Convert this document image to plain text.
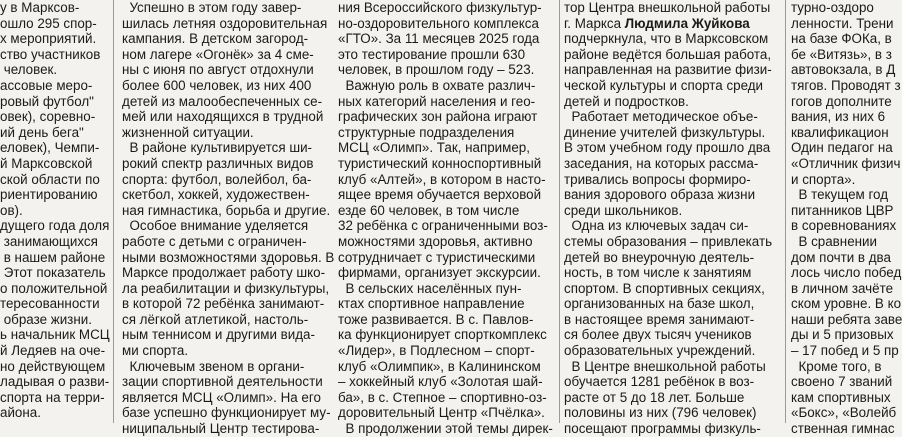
у в Марксов-
ошло 295 спор-
х мероприятий.
ство участников
человек.
ассовые меро-
ровый футбол"
овек), соревно-
ий день бега"
еловек), Чемпи-
й Марксовской
ской области по
риентированию
ов).
дущего года доля
занимающихся
в нашем районе
Этот показатель
о положительной
тересованности
образе жизни.
ь начальник МСЦ
й Ледяев на оче-
но действующем
ладывая о разви-
спорта на терри-
айона.
Успешно в этом году завер-
шилась летняя оздоровительная
кампания. В детском загород-
ном лагере «Огонёк» за 4 сме-
ны с июня по август отдохнули
более 600 человек, из них 400
детей из малообеспеченных се-
мей или находящихся в трудной
жизненной ситуации.
В районе культивируется ши-
рокий спектр различных видов
спорта: футбол, волейбол, ба-
скетбол, хоккей, художествен-
ная гимнастика, борьба и другие.
Особое внимание уделяется
работе с детьми с ограничен-
ными возможностями здоровья. В
Марксе продолжает работу шко-
ла реабилитации и физкультуры,
в которой 72 ребёнка занимают-
ся лёгкой атлетикой, настоль-
ным теннисом и другими вида-
ми спорта.
Ключевым звеном в органи-
зации спортивной деятельности
является МСЦ «Олимп». На его
базе успешно функционирует му-
ниципальный Центр тестирова-
ния Всероссийского физкультур-
но-оздоровительного комплекса
«ГТО». За 11 месяцев 2025 года
это тестирование прошли 630
человек, в прошлом году – 523.
Важную роль в охвате различ-
ных категорий населения и гео-
графических зон района играют
структурные подразделения
МСЦ «Олимп». Так, например,
туристический конноспортивный
клуб «Алтей», в котором в насто-
ящее время обучается верховой
езде 60 человек, в том числе
32 ребёнка с ограниченными воз-
можностями здоровья, активно
сотрудничает с туристическими
фирмами, организует экскурсии.
В сельских населённых пун-
ктах спортивное направление
тоже развивается. В с. Павлов-
ка функционирует спорткомплекс
«Лидер», в Подлесном – спорт-
клуб «Олимпик», в Калининском
– хоккейный клуб «Золотая шай-
ба», в с. Степное – спортивно-оз-
доровительный Центр «Пчёлка».
В продолжении этой темы дирек-
тор Центра внешкольной работы
г. Маркса Людмила Жуйкова
подчеркнула, что в Марксовском
районе ведётся большая работа,
направленная на развитие физи-
ческой культуры и спорта среди
детей и подростков.
Работает методическое объе-
динение учителей физкультуры.
В этом учебном году прошло два
заседания, на которых рассма-
тривались вопросы формиро-
вания здорового образа жизни
среди школьников.
Одна из ключевых задач си-
стемы образования – привлекать
детей во внеурочную деятель-
ность, в том числе к занятиям
спортом. В спортивных секциях,
организованных на базе школ,
в настоящее время занимают-
ся более двух тысяч учеников
образовательных учреждений.
В Центре внешкольной работы
обучается 1281 ребёнок в воз-
расте от 5 до 18 лет. Больше
половины из них (796 человек)
посещают программы физкуль-
турно-оздоро
ленности. Трени
на базе ФОКа, в
бе «Витязь», в з
автовокзала, в Д
тягов. Проводят з
гогов дополните
вания, из них 6
квалификацион
Один педагог на
«Отличник физич
и спорта».
В текущем год
питанников ЦВР
в соревнованиях
В сравнении
дом почти в два
лось число побед
в личном зачёте
ском уровне. В ко
наши ребята заве
ды и 5 призовых
– 17 побед и 5 пр
Кроме того, в
своено 7 званий
кам спортивных
«Бокс», «Волейб
ственная гимнас
